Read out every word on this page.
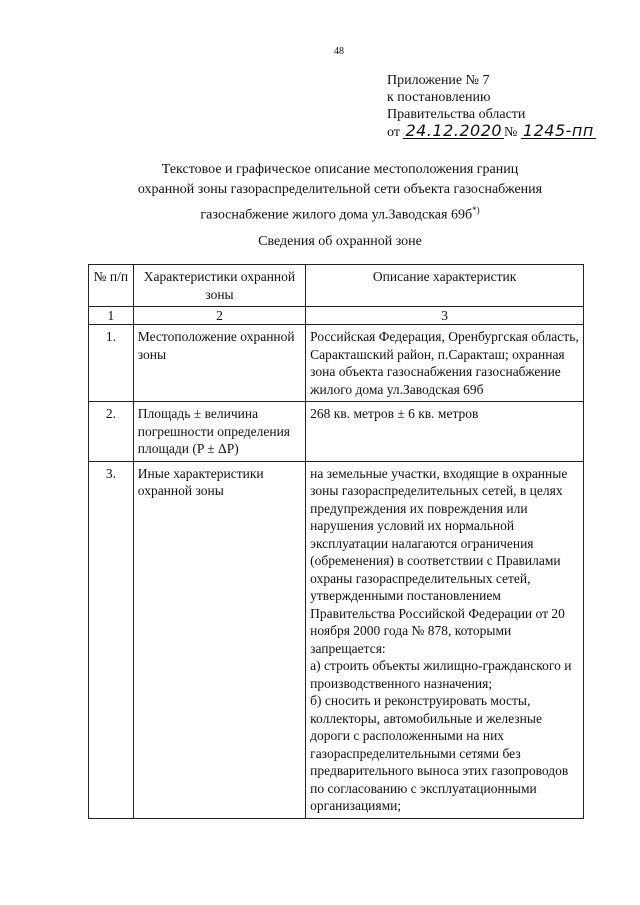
48
Приложение № 7
к постановлению
Правительства области
от 24.12.2020 № 1245-пп
Текстовое и графическое описание местоположения границ
охранной зоны газораспределительной сети объекта газоснабжения
газоснабжение жилого дома ул.Заводская 69б*)
Сведения об охранной зоне
№ п/п	Характеристики охранной зоны	Описание характеристик
1	2	3
1.	Местоположение охранной зоны	Российская Федерация, Оренбургская область, Саракташский район, п.Саракташ; охранная зона объекта газоснабжения газоснабжение жилого дома ул.Заводская 69б
2.	Площадь ± величина погрешности определения площади (P ± ΔP)	268 кв. метров ± 6 кв. метров
3.	Иные характеристики охранной зоны	на земельные участки, входящие в охранные зоны газораспределительных сетей, в целях предупреждения их повреждения или нарушения условий их нормальной эксплуатации налагаются ограничения (обременения) в соответствии с Правилами охраны газораспределительных сетей, утвержденными постановлением Правительства Российской Федерации от 20 ноября 2000 года № 878, которыми запрещается:
а) строить объекты жилищно-гражданского и производственного назначения;
б) сносить и реконструировать мосты, коллекторы, автомобильные и железные дороги с расположенными на них газораспределительными сетями без предварительного выноса этих газопроводов по согласованию с эксплуатационными организациями;
